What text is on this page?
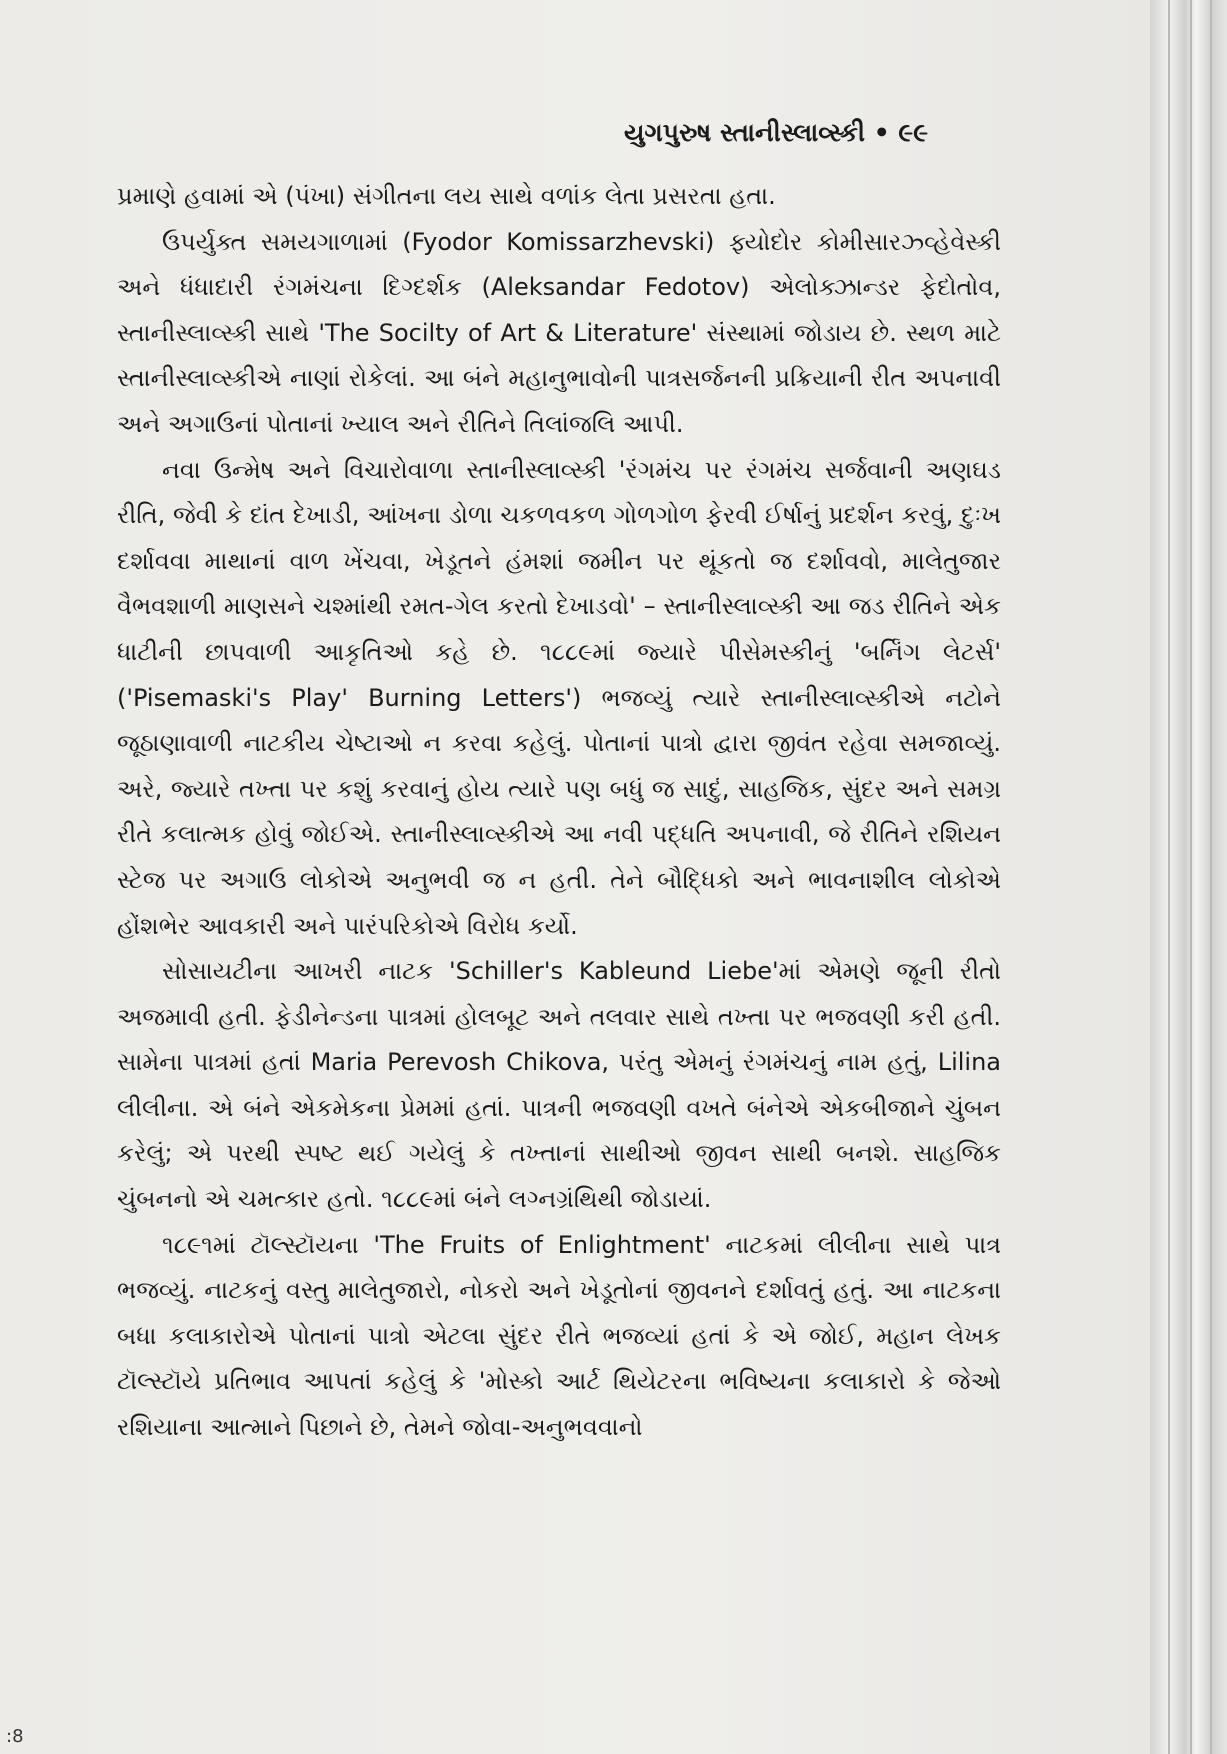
યુગપુરુષ સ્તાનીસ્લાવ્સ્કી • ૯૯

પ્રમાણે હવામાં એ (પંખા) સંગીતના લય સાથે વળાંક લેતા પ્રસરતા હતા.

ઉપર્યુક્ત સમયગાળામાં (Fyodor Komissarzhevski) ફ્યોદોર કોમીસારઝ્વ્હેવેસ્કી અને ધંધાદારી રંગમંચના દિગ્દર્શક (Aleksandar Fedotov) એલોક્ઝાન્ડર ફેદોતોવ, સ્તાનીસ્લાવ્સ્કી સાથે 'The Socilty of Art & Literature' સંસ્થામાં જોડાય છે. સ્થળ માટે સ્તાનીસ્લાવ્સ્કીએ નાણાં રોકેલાં. આ બંને મહાનુભાવોની પાત્રસર્જનની પ્રક્રિયાની રીત અપનાવી અને અગાઉનાં પોતાનાં ખ્યાલ અને રીતિને તિલાંજલિ આપી.

નવા ઉન્મેષ અને વિચારોવાળા સ્તાનીસ્લાવ્સ્કી 'રંગમંચ પર રંગમંચ સર્જવાની અણઘડ રીતિ, જેવી કે દાંત દેખાડી, આંખના ડોળા ચકળવકળ ગોળગોળ ફેરવી ઈર્ષાનું પ્રદર્શન કરવું, દુઃખ દર્શાવવા માથાનાં વાળ ખેંચવા, ખેડૂતને હંમશાં જમીન પર થૂંકતો જ દર્શાવવો, માલેતુજાર વૈભવશાળી માણસને ચશ્માંથી રમત-ગેલ કરતો દેખાડવો' – સ્તાનીસ્લાવ્સ્કી આ જડ રીતિને એક ધાટીની છાપવાળી આકૃતિઓ કહે છે. ૧૮૮૯માં જ્યારે પીસેમસ્કીનું 'બર્નિંગ લેટર્સ' ('Pisemaski's Play' Burning Letters') ભજવ્યું ત્યારે સ્તાનીસ્લાવ્સ્કીએ નટોને જૂઠાણાવાળી નાટકીય ચેષ્ટાઓ ન કરવા કહેલું. પોતાનાં પાત્રો દ્વારા જીવંત રહેવા સમજાવ્યું. અરે, જ્યારે તખ્તા પર કશું કરવાનું હોય ત્યારે પણ બધું જ સાદું, સાહજિક, સુંદર અને સમગ્ર રીતે કલાત્મક હોવું જોઈએ. સ્તાનીસ્લાવ્સ્કીએ આ નવી પદ્ધતિ અપનાવી, જે રીતિને રશિયન સ્ટેજ પર અગાઉ લોકોએ અનુભવી જ ન હતી. તેને બૌદ્ધિકો અને ભાવનાશીલ લોકોએ હોંશભેર આવકારી અને પારંપરિકોએ વિરોધ કર્યો.

સોસાયટીના આખરી નાટક 'Schiller's Kableund Liebe'માં એમણે જૂની રીતો અજમાવી હતી. ફેડીનેન્ડના પાત્રમાં હોલબૂટ અને તલવાર સાથે તખ્તા પર ભજવણી કરી હતી. સામેના પાત્રમાં હતાં Maria Perevosh Chikova, પરંતુ એમનું રંગમંચનું નામ હતું, Lilina લીલીના. એ બંને એકમેકના પ્રેમમાં હતાં. પાત્રની ભજવણી વખતે બંનેએ એકબીજાને ચુંબન કરેલું; એ પરથી સ્પષ્ટ થઈ ગયેલું કે તખ્તાનાં સાથીઓ જીવન સાથી બનશે. સાહજિક ચુંબનનો એ ચમત્કાર હતો. ૧૮૮૯માં બંને લગ્નગ્રંથિથી જોડાયાં.

૧૮૯૧માં ટૉલ્સ્ટૉયના 'The Fruits of Enlightment' નાટકમાં લીલીના સાથે પાત્ર ભજવ્યું. નાટકનું વસ્તુ માલેતુજારો, નોકરો અને ખેડૂતોનાં જીવનને દર્શાવતું હતું. આ નાટકના બધા કલાકારોએ પોતાનાં પાત્રો એટલા સુંદર રીતે ભજવ્યાં હતાં કે એ જોઈ, મહાન લેખક ટૉલ્સ્ટૉયે પ્રતિભાવ આપતાં કહેલું કે 'મોસ્કો આર્ટ થિયેટરના ભવિષ્યના કલાકારો કે જેઓ રશિયાના આત્માને પિછાને છે, તેમને જોવા-અનુભવવાનો

:8
